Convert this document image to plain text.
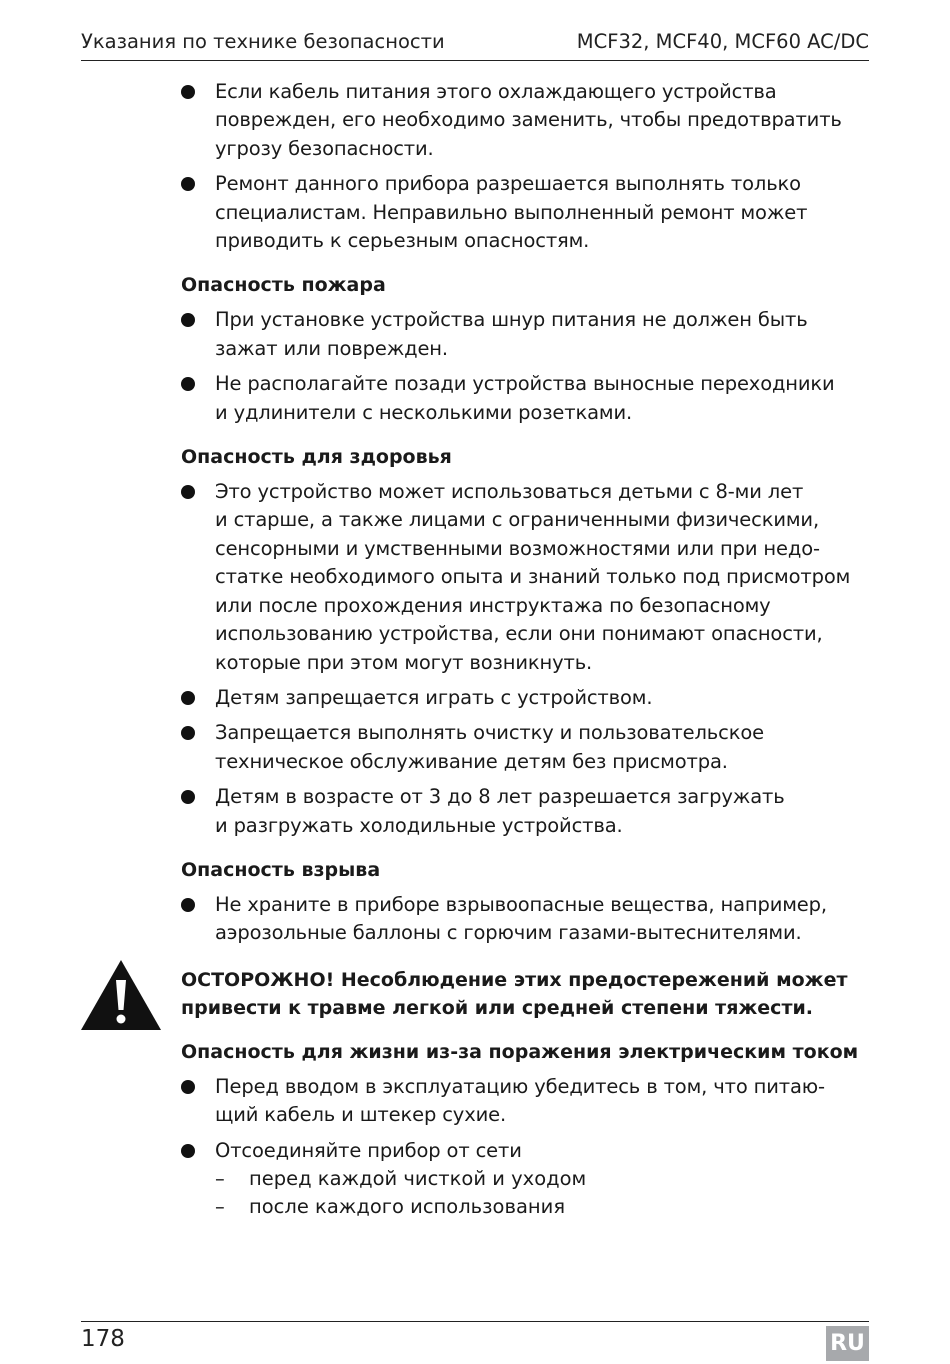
Указания по технике безопасности	MCF32, MCF40, MCF60 AC/DC
Если кабель питания этого охлаждающего устройства
поврежден, его необходимо заменить, чтобы предотвратить
угрозу безопасности.
Ремонт данного прибора разрешается выполнять только
специалистам. Неправильно выполненный ремонт может
приводить к серьезным опасностям.
Опасность пожара
При установке устройства шнур питания не должен быть
зажат или поврежден.
Не располагайте позади устройства выносные переходники
и удлинители с несколькими розетками.
Опасность для здоровья
Это устройство может использоваться детьми с 8-ми лет
и старше, а также лицами с ограниченными физическими,
сенсорными и умственными возможностями или при недо-
статке необходимого опыта и знаний только под присмотром
или после прохождения инструктажа по безопасному
использованию устройства, если они понимают опасности,
которые при этом могут возникнуть.
Детям запрещается играть с устройством.
Запрещается выполнять очистку и пользовательское
техническое обслуживание детям без присмотра.
Детям в возрасте от 3 до 8 лет разрешается загружать
и разгружать холодильные устройства.
Опасность взрыва
Не храните в приборе взрывоопасные вещества, например,
аэрозольные баллоны с горючим газами-вытеснителями.
ОСТОРОЖНО! Несоблюдение этих предостережений может
привести к травме легкой или средней степени тяжести.
Опасность для жизни из-за поражения электрическим током
Перед вводом в эксплуатацию убедитесь в том, что питаю-
щий кабель и штекер сухие.
Отсоединяйте прибор от сети
– перед каждой чисткой и уходом
– после каждого использования
178	RU
